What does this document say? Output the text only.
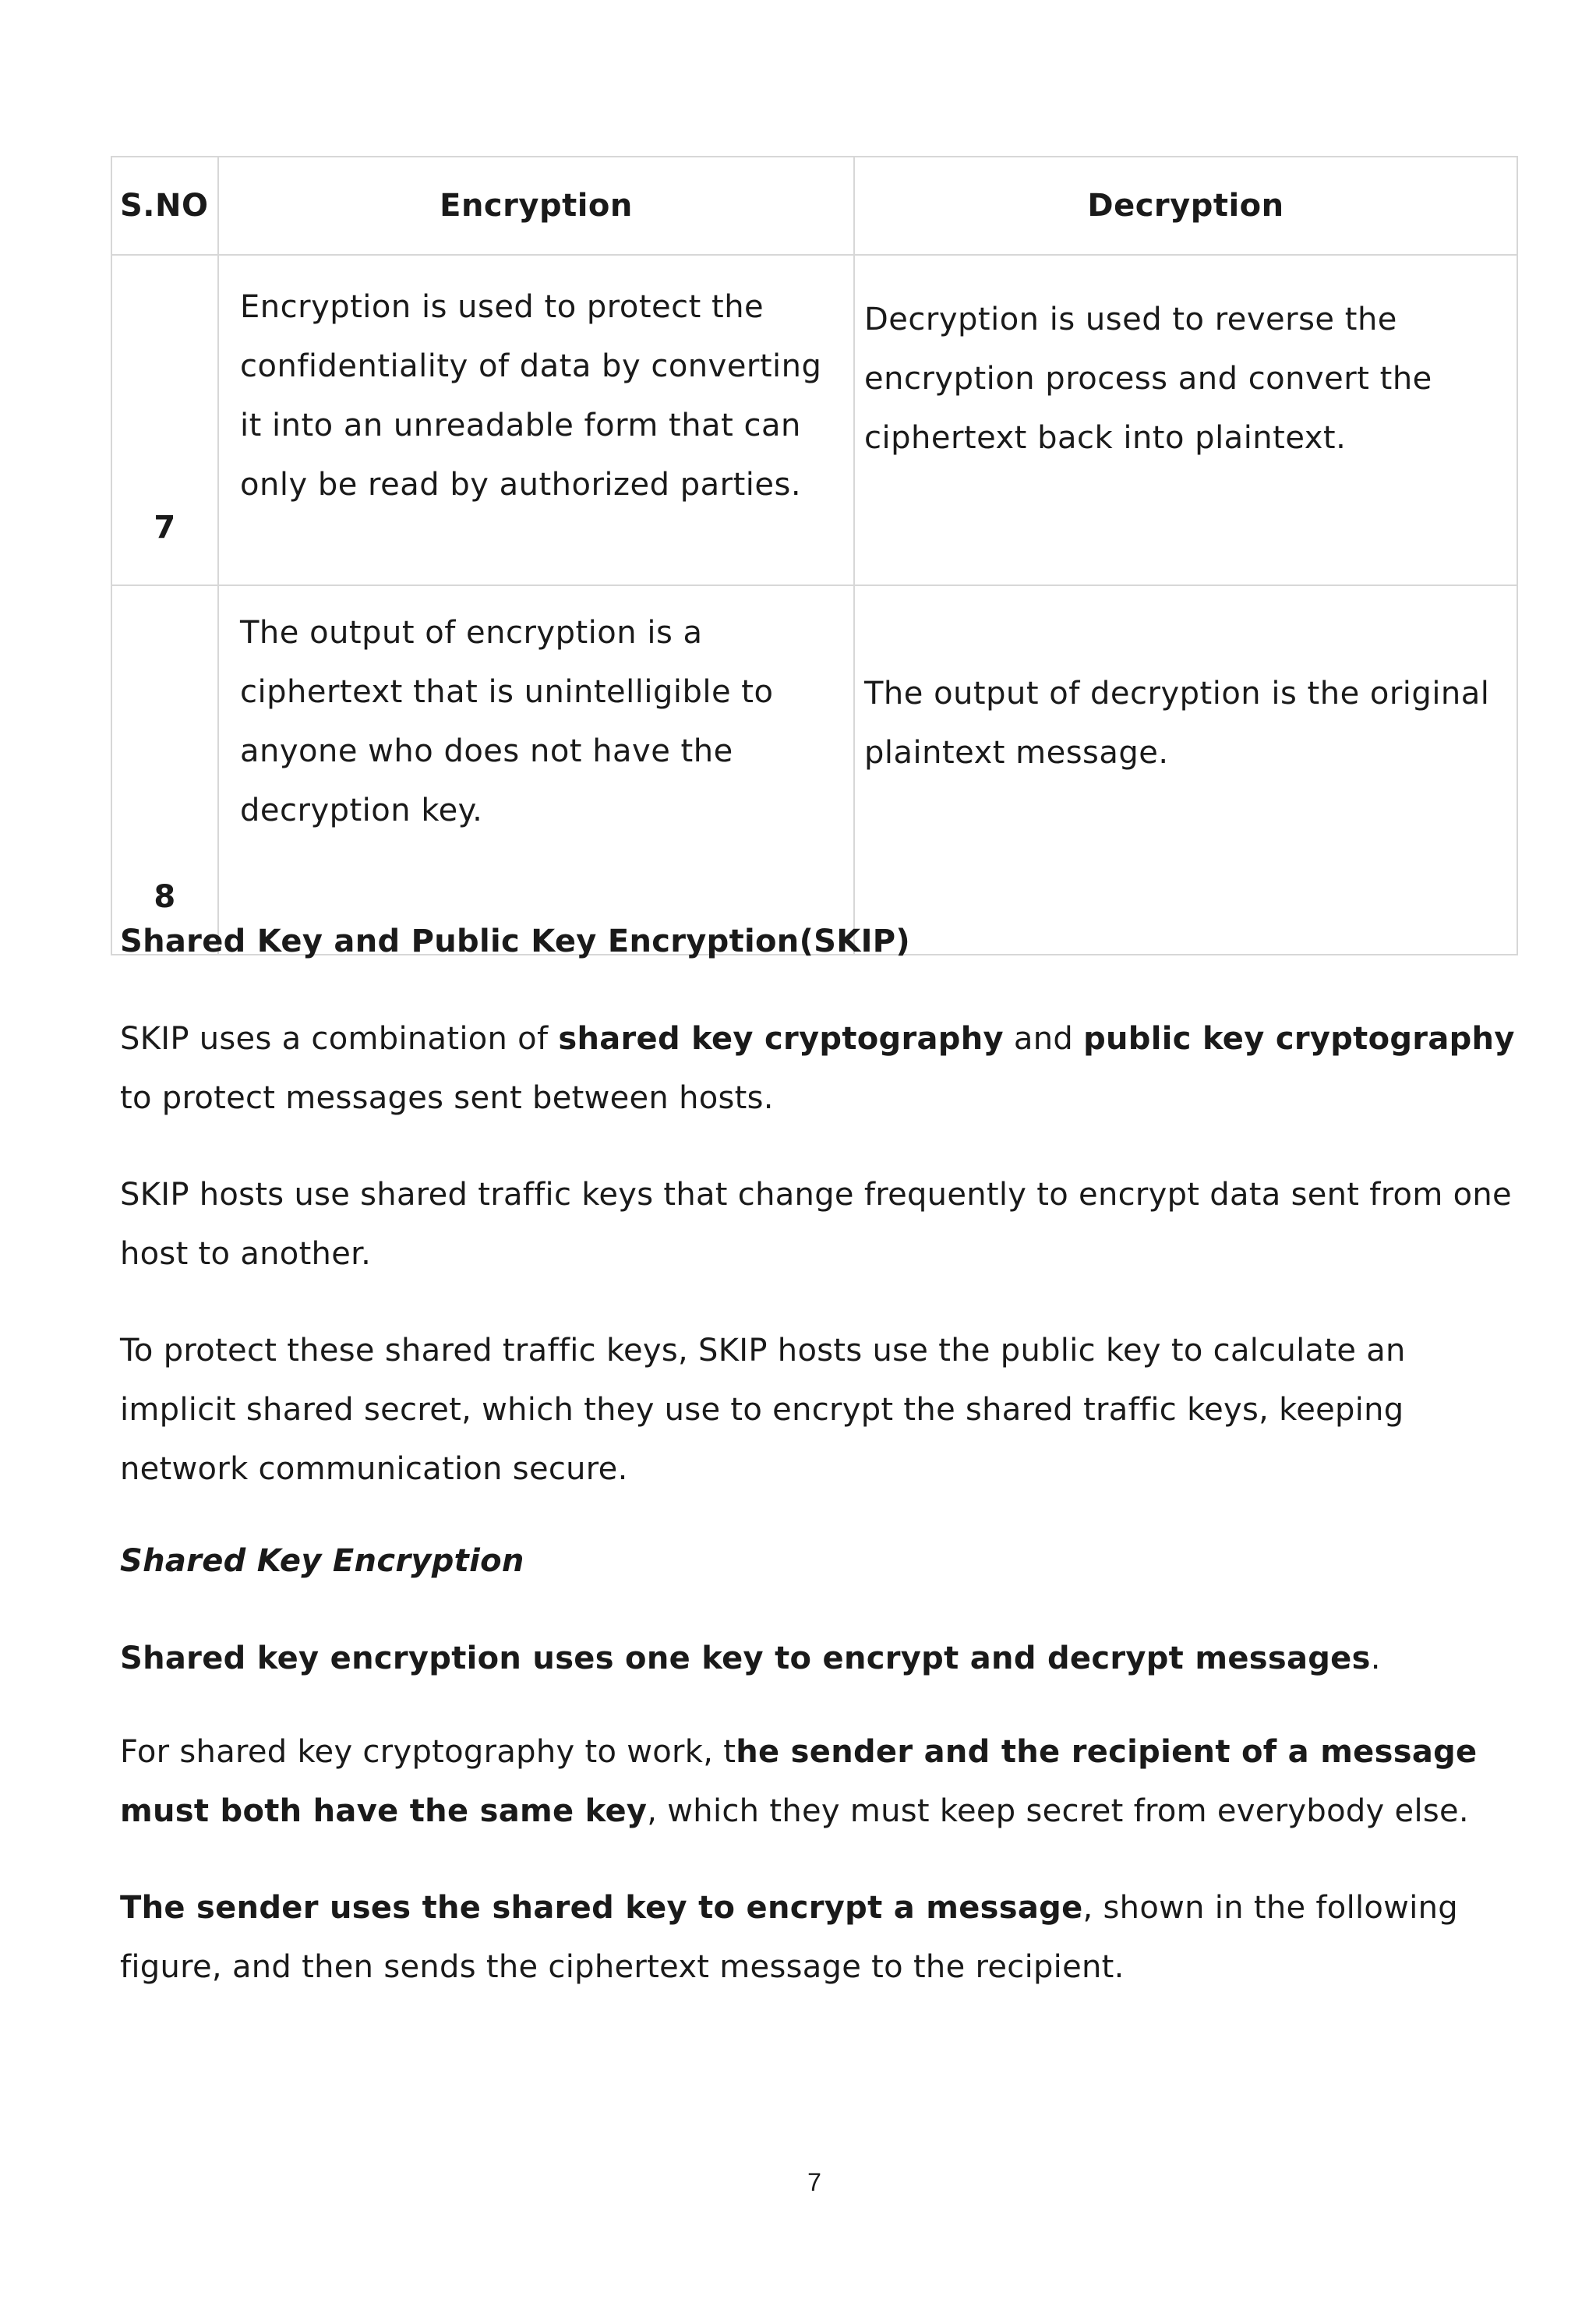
S.NO	Encryption	Decryption
7	Encryption is used to protect the confidentiality of data by converting it into an unreadable form that can only be read by authorized parties.	Decryption is used to reverse the encryption process and convert the ciphertext back into plaintext.

8	The output of encryption is a ciphertext that is unintelligible to anyone who does not have the decryption key.	The output of decryption is the original plaintext message.
Shared Key and Public Key Encryption(SKIP)
SKIP uses a combination of shared key cryptography and public key cryptography to protect messages sent between hosts.
SKIP hosts use shared traffic keys that change frequently to encrypt data sent from one host to another.
To protect these shared traffic keys, SKIP hosts use the public key to calculate an implicit shared secret, which they use to encrypt the shared traffic keys, keeping network communication secure.
Shared Key Encryption
Shared key encryption uses one key to encrypt and decrypt messages.
For shared key cryptography to work, the sender and the recipient of a message must both have the same key, which they must keep secret from everybody else.
The sender uses the shared key to encrypt a message, shown in the following figure, and then sends the ciphertext message to the recipient.
7
